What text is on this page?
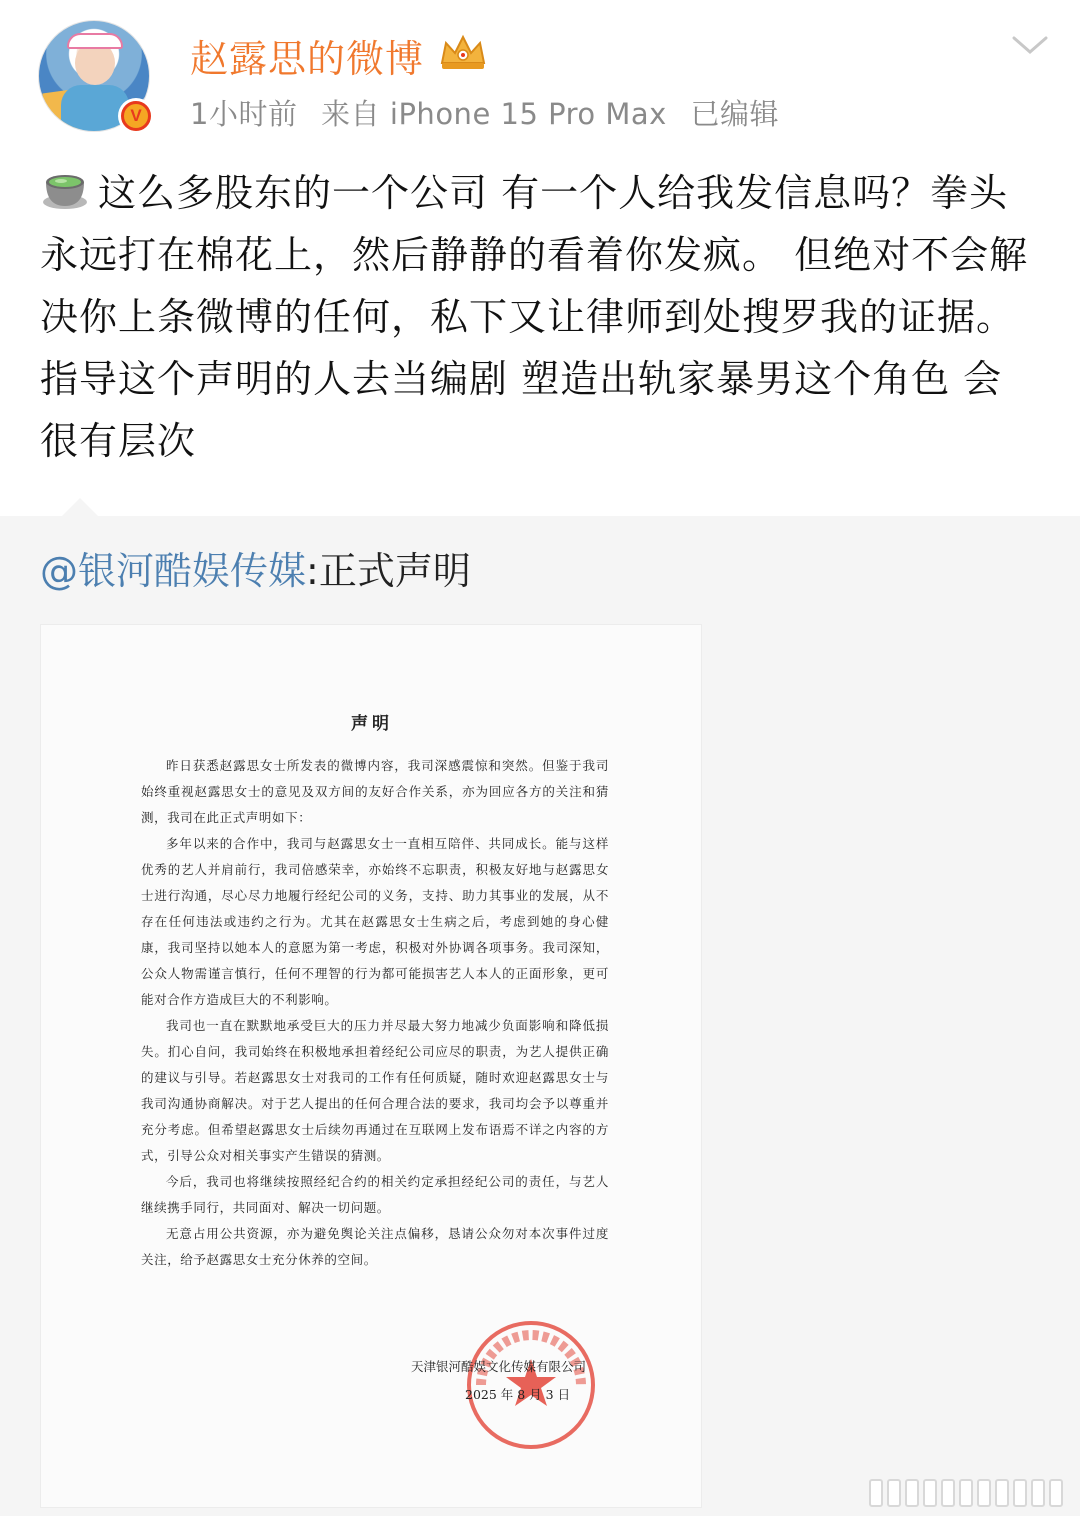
V
赵露思的微博
1小时前 来自 iPhone 15 Pro Max 已编辑
这么多股东的一个公司 有一个人给我发信息吗？拳头永远打在棉花上，然后静静的看着你发疯。 但绝对不会解决你上条微博的任何，私下又让律师到处搜罗我的证据。指导这个声明的人去当编剧 塑造出轨家暴男这个角色 会很有层次
@银河酷娱传媒:正式声明
声明

昨日获悉赵露思女士所发表的微博内容，我司深感震惊和突然。但鉴于我司始终重视赵露思女士的意见及双方间的友好合作关系，亦为回应各方的关注和猜测，我司在此正式声明如下：

多年以来的合作中，我司与赵露思女士一直相互陪伴、共同成长。能与这样优秀的艺人并肩前行，我司倍感荣幸，亦始终不忘职责，积极友好地与赵露思女士进行沟通，尽心尽力地履行经纪公司的义务，支持、助力其事业的发展，从不存在任何违法或违约之行为。尤其在赵露思女士生病之后，考虑到她的身心健康，我司坚持以她本人的意愿为第一考虑，积极对外协调各项事务。我司深知，公众人物需谨言慎行，任何不理智的行为都可能损害艺人本人的正面形象，更可能对合作方造成巨大的不利影响。

我司也一直在默默地承受巨大的压力并尽最大努力地减少负面影响和降低损失。扪心自问，我司始终在积极地承担着经纪公司应尽的职责，为艺人提供正确的建议与引导。若赵露思女士对我司的工作有任何质疑，随时欢迎赵露思女士与我司沟通协商解决。对于艺人提出的任何合理合法的要求，我司均会予以尊重并充分考虑。但希望赵露思女士后续勿再通过在互联网上发布语焉不详之内容的方式，引导公众对相关事实产生错误的猜测。

今后，我司也将继续按照经纪合约的相关约定承担经纪公司的责任，与艺人继续携手同行，共同面对、解决一切问题。

无意占用公共资源，亦为避免舆论关注点偏移，恳请公众勿对本次事件过度关注，给予赵露思女士充分休养的空间。

天津银河酷娱文化传媒有限公司
2025 年 8 月 3 日
